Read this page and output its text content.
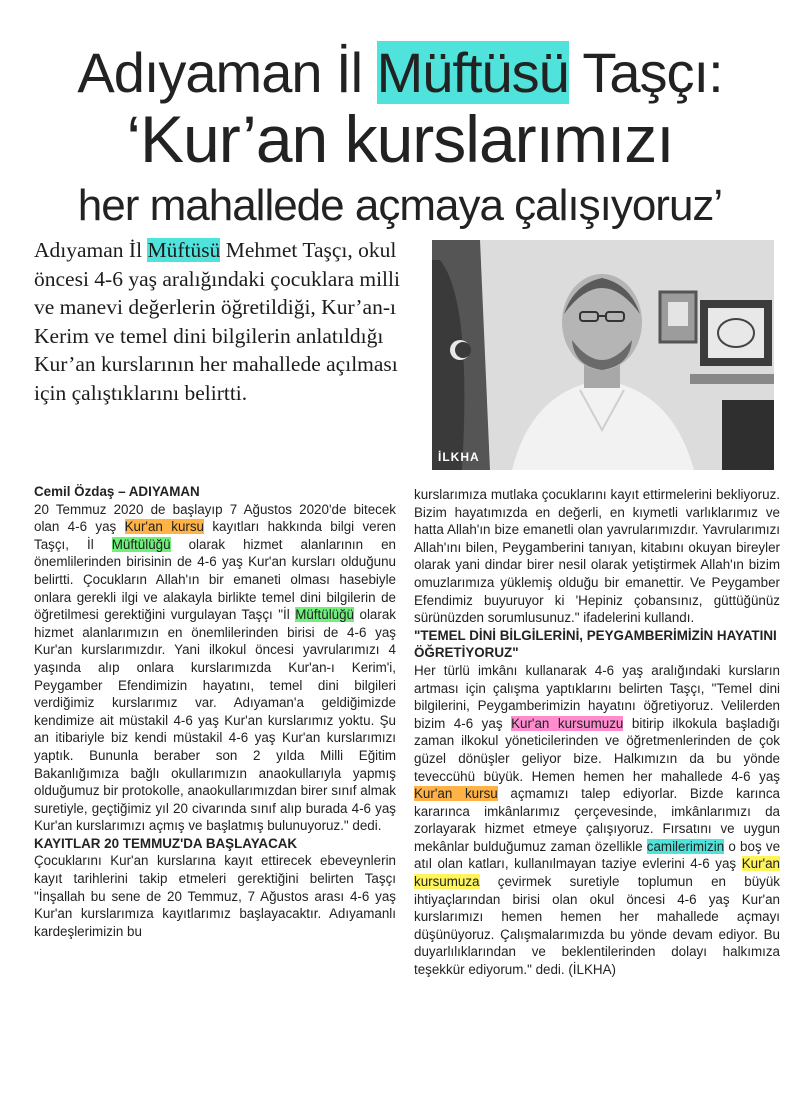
Adıyaman İl Müftüsü Taşçı:
‘Kur’an kurslarımızı
her mahallede açmaya çalışıyoruz’
Adıyaman İl Müftüsü Mehmet Taşçı, okul öncesi 4-6 yaş aralığındaki çocuklara milli ve manevi değerlerin öğretildiği, Kur’an-ı Kerim ve temel dini bilgilerin anlatıldığı Kur’an kurslarının her mahallede açılması için çalıştıklarını belirtti.
İLKHA
Cemil Özdaş – ADIYAMAN

20 Temmuz 2020 de başlayıp 7 Ağustos 2020'de bitecek olan 4-6 yaş Kur'an kursu kayıtları hakkında bilgi veren Taşçı, İl Müftülüğü olarak hizmet alanlarının en önemlilerinden birisinin de 4-6 yaş Kur'an kursları olduğunu belirtti. Çocukların Allah'ın bir emaneti olması hasebiyle onlara gerekli ilgi ve alakayla birlikte temel dini bilgilerin de öğretilmesi gerektiğini vurgulayan Taşçı "İl Müftülüğü olarak hizmet alanlarımızın en önemlilerinden birisi de 4-6 yaş Kur'an kurslarımızdır. Yani ilkokul öncesi yavrularımızı 4 yaşında alıp onlara kurslarımızda Kur'an-ı Kerim'i, Peygamber Efendimizin hayatını, temel dini bilgileri verdiğimiz kurslarımız var. Adıyaman'a geldiğimizde kendimize ait müstakil 4-6 yaş Kur'an kurslarımız yoktu. Şu an itibariyle biz kendi müstakil 4-6 yaş Kur'an kurslarımızı yaptık. Bununla beraber son 2 yılda Milli Eğitim Bakanlığımıza bağlı okullarımızın anaokullarıyla yapmış olduğumuz bir protokolle, anaokullarımızdan birer sınıf almak suretiyle, geçtiğimiz yıl 20 civarında sınıf alıp burada 4-6 yaş Kur'an kurslarımızı açmış ve başlatmış bulunuyoruz." dedi.

KAYITLAR 20 TEMMUZ'DA BAŞLAYACAK

Çocuklarını Kur'an kurslarına kayıt ettirecek ebeveynlerin kayıt tarihlerini takip etmeleri gerektiğini belirten Taşçı "İnşallah bu sene de 20 Temmuz, 7 Ağustos arası 4-6 yaş Kur'an kurslarımıza kayıtlarımız başlayacaktır. Adıyamanlı kardeşlerimizin bu

kurslarımıza mutlaka çocuklarını kayıt ettirmelerini bekliyoruz. Bizim hayatımızda en değerli, en kıymetli varlıklarımız ve hatta Allah'ın bize emanetli olan yavrularımızdır. Yavrularımızı Allah'ını bilen, Peygamberini tanıyan, kitabını okuyan bireyler olarak yani dindar birer nesil olarak yetiştirmek Allah'ın bizim omuzlarımıza yüklemiş olduğu bir emanettir. Ve Peygamber Efendimiz buyuruyor ki 'Hepiniz çobansınız, güttüğünüz sürünüzden sorumlusunuz." ifadelerini kullandı.

"TEMEL DİNİ BİLGİLERİNİ, PEYGAMBERİMİZİN HAYATINI ÖĞRETİYORUZ"

Her türlü imkânı kullanarak 4-6 yaş aralığındaki kursların artması için çalışma yaptıklarını belirten Taşçı, "Temel dini bilgilerini, Peygamberimizin hayatını öğretiyoruz. Velilerden bizim 4-6 yaş Kur'an kursumuzu bitirip ilkokula başladığı zaman ilkokul yöneticilerinden ve öğretmenlerinden de çok güzel dönüşler geliyor bize. Halkımızın da bu yönde teveccühü büyük. Hemen hemen her mahallede 4-6 yaş Kur'an kursu açmamızı talep ediyorlar. Bizde karınca kararınca imkânlarımız çerçevesinde, imkânlarımızı da zorlayarak hizmet etmeye çalışıyoruz. Fırsatını ve uygun mekânlar bulduğumuz zaman özellikle camilerimizin o boş ve atıl olan katları, kullanılmayan taziye evlerini 4-6 yaş Kur'an kursumuza çevirmek suretiyle toplumun en büyük ihtiyaçlarından birisi olan okul öncesi 4-6 yaş Kur'an kurslarımızı hemen hemen her mahallede açmayı düşünüyoruz. Çalışmalarımızda bu yönde devam ediyor. Bu duyarlılıklarından ve beklentilerinden dolayı halkımıza teşekkür ediyorum." dedi. (İLKHA)
